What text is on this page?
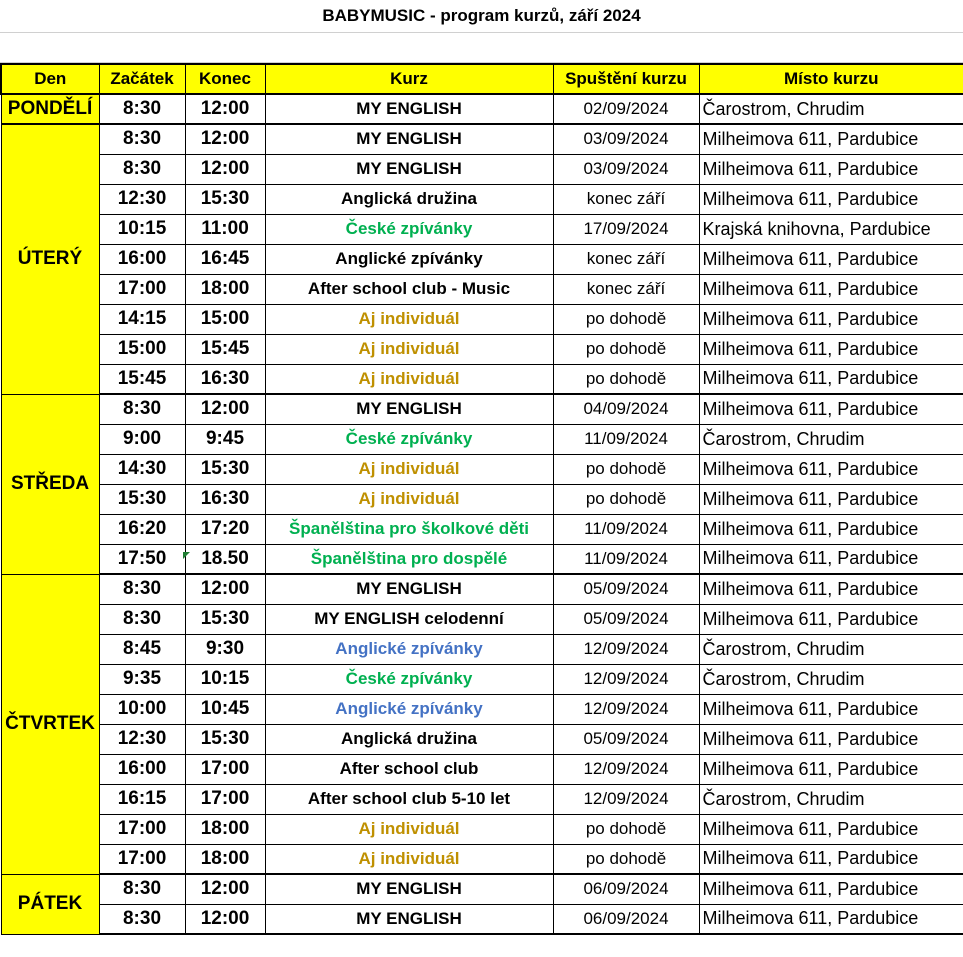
BABYMUSIC - program kurzů, září 2024
Den	Začátek	Konec	Kurz	Spuštění kurzu	Místo kurzu
PONDĚLÍ	8:30	12:00	MY ENGLISH	02/09/2024	Čarostrom, Chrudim
ÚTERÝ	8:30	12:00	MY ENGLISH	03/09/2024	Milheimova 611, Pardubice
	8:30	12:00	MY ENGLISH	03/09/2024	Milheimova 611, Pardubice
	12:30	15:30	Anglická družina	konec září	Milheimova 611, Pardubice
	10:15	11:00	České zpívánky	17/09/2024	Krajská knihovna, Pardubice
	16:00	16:45	Anglické zpívánky	konec září	Milheimova 611, Pardubice
	17:00	18:00	After school club - Music	konec září	Milheimova 611, Pardubice
	14:15	15:00	Aj individuál	po dohodě	Milheimova 611, Pardubice
	15:00	15:45	Aj individuál	po dohodě	Milheimova 611, Pardubice
	15:45	16:30	Aj individuál	po dohodě	Milheimova 611, Pardubice
STŘEDA	8:30	12:00	MY ENGLISH	04/09/2024	Milheimova 611, Pardubice
	9:00	9:45	České zpívánky	11/09/2024	Čarostrom, Chrudim
	14:30	15:30	Aj individuál	po dohodě	Milheimova 611, Pardubice
	15:30	16:30	Aj individuál	po dohodě	Milheimova 611, Pardubice
	16:20	17:20	Španělština pro školkové děti	11/09/2024	Milheimova 611, Pardubice
	17:50	18.50	Španělština pro dospělé	11/09/2024	Milheimova 611, Pardubice
ČTVRTEK	8:30	12:00	MY ENGLISH	05/09/2024	Milheimova 611, Pardubice
	8:30	15:30	MY ENGLISH celodenní	05/09/2024	Milheimova 611, Pardubice
	8:45	9:30	Anglické zpívánky	12/09/2024	Čarostrom, Chrudim
	9:35	10:15	České zpívánky	12/09/2024	Čarostrom, Chrudim
	10:00	10:45	Anglické zpívánky	12/09/2024	Milheimova 611, Pardubice
	12:30	15:30	Anglická družina	05/09/2024	Milheimova 611, Pardubice
	16:00	17:00	After school club	12/09/2024	Milheimova 611, Pardubice
	16:15	17:00	After school club 5-10 let	12/09/2024	Čarostrom, Chrudim
	17:00	18:00	Aj individuál	po dohodě	Milheimova 611, Pardubice
	17:00	18:00	Aj individuál	po dohodě	Milheimova 611, Pardubice
PÁTEK	8:30	12:00	MY ENGLISH	06/09/2024	Milheimova 611, Pardubice
	8:30	12:00	MY ENGLISH	06/09/2024	Milheimova 611, Pardubice
